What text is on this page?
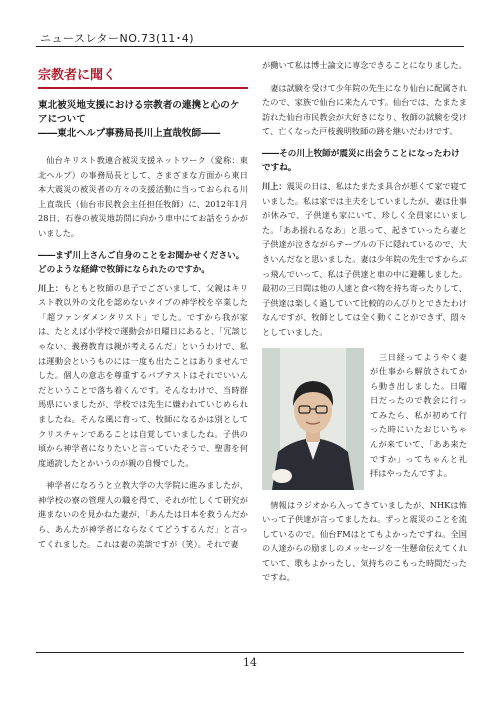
ニュースレターNO.73(11･4)
宗教者に聞く
東北被災地支援における宗教者の連携と心のケアについて
――東北ヘルプ事務局長川上直哉牧師――

仙台キリスト教連合被災支援ネットワーク（愛称：東北ヘルプ）の事務局長として、さまざまな方面から東日本大震災の被災者の方々の支援活動に当っておられる川上直哉氏（仙台市民教会主任担任牧師）に、2012年1月28日、石巻の被災地訪問に向かう車中にてお話をうかがいました。

――まず川上さんご自身のことをお聞かせください。どのような経緯で牧師になられたのですか。

川上：もともと牧師の息子でございまして、父親はキリスト教以外の文化を認めないタイプの神学校を卒業した「超ファンダメンタリスト」でした。ですから我が家は、たとえば小学校で運動会が日曜日にあると、「冗談じゃない、義務教育は親が考えるんだ」というわけで、私は運動会というものには一度も出たことはありませんでした。個人の意志を尊重するバプテストはそれでいいんだということで落ち着くんです。そんなわけで、当時群馬県にいましたが、学校では先生に嫌われていじめられましたね。そんな風に育って、牧師になるかは別としてクリスチャンであることは自覚していましたね。子供の頃から神学者になりたいと言っていたそうで、聖書を何度通読したとかいうのが親の自慢でした。

神学者になろうと立教大学の大学院に進みましたが、神学校の寮の管理人の職を得て、それが忙しくて研究が進まないのを見かねた妻が、「あんたは日本を救うんだから、あんたが神学者にならなくてどうするんだ」と言ってくれました。これは妻の美談ですが（笑）。それで妻

が働いて私は博士論文に専念できることになりました。

妻は試験を受けて少年院の先生になり仙台に配属されたので、家族で仙台に来たんです。仙台では、たまたま訪れた仙台市民教会が大好きになり、牧師の試験を受けて、亡くなった戸枝義明牧師の跡を継いだわけです。

――その川上牧師が震災に出会うことになったわけですね。

川上：震災の日は、私はたまたま具合が悪くて家で寝ていました。私は家では主夫をしていましたが、妻は仕事が休みで、子供達も家にいて、珍しく全員家にいました。「ああ揺れるなあ」と思って、起きていったら妻と子供達が泣きながらテーブルの下に隠れているので、大きいんだなと思いました。妻は少年院の先生ですからぶっ飛んでいって、私は子供達と車の中に避難しました。最初の三日間は他の人達と食べ物を持ち寄ったりして、子供達は楽しく過していて比較的のんびりとできたわけなんですが、牧師としては全く動くことができず、悶々としていました。

三日経ってようやく妻が仕事から解放されてから動き出しました。日曜日だったので教会に行ってみたら、私が初めて行った時にいたおじいちゃんが来ていて、「ああ来たですか」ってちゃんと礼拝はやったんですよ。

情報はラジオから入ってきていましたが、NHKは怖いって子供達が言ってましたね。ずっと震災のことを流しているので。仙台FMはとてもよかったですね。全国の人達からの励ましのメッセージを一生懸命伝えてくれていて、歌もよかったし、気持ちのこもった時間だったですね。

14
